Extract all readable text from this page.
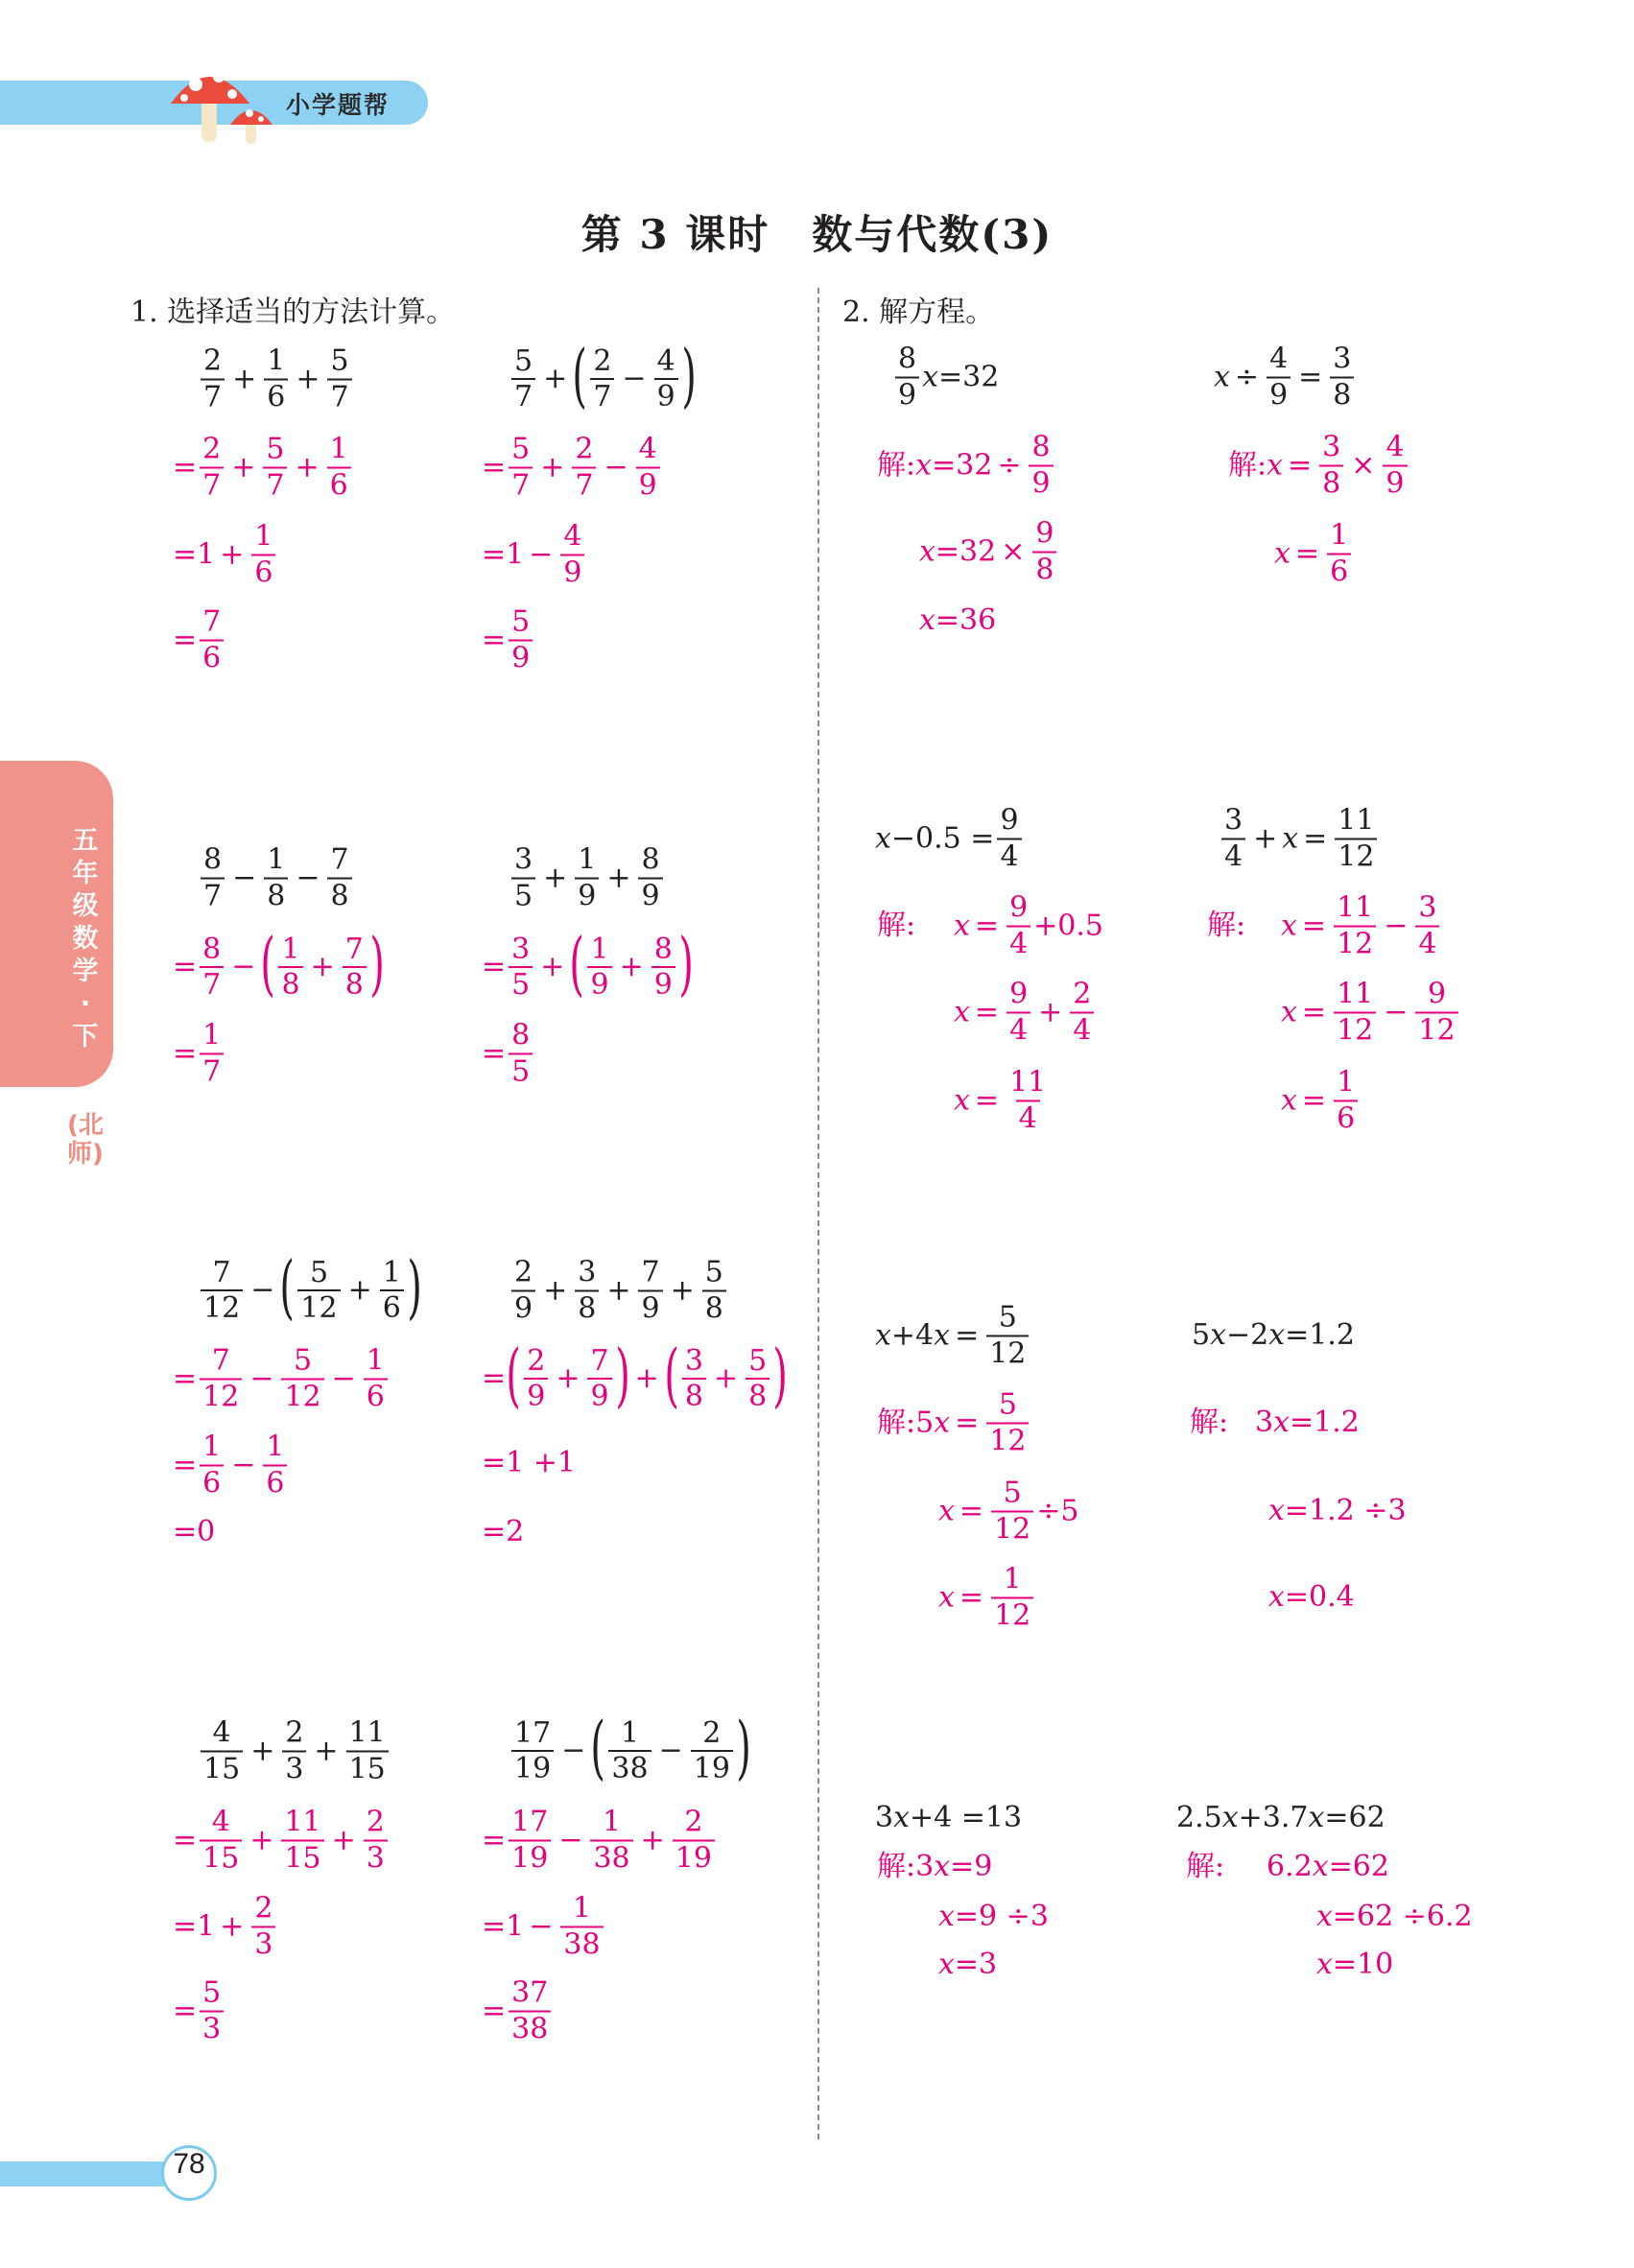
小学题帮
第 3 课时　数与代数(3)
五年级数学·下
(北师)
1. 选择适当的方法计算。	2. 解方程。
$\frac{2}{7} + \frac{1}{6} + \frac{5}{7}$
= $\frac{2}{7} + \frac{5}{7} + \frac{1}{6}$
$=1 + \frac{1}{6}$
= $\frac{7}{6}$
$\frac{5}{7}$ + ( $\frac{2}{7} - \frac{4}{9}$ )
= $\frac{5}{7} + \frac{2}{7} - \frac{4}{9}$
$=1 - \frac{4}{9}$
= $\frac{5}{9}$
$\frac{8}{7} - \frac{1}{8} - \frac{7}{8}$
= $\frac{8}{7}$ − ( $\frac{1}{8} + \frac{7}{8}$ )
= $\frac{1}{7}$
$\frac{3}{5} + \frac{1}{9} + \frac{8}{9}$
= $\frac{3}{5}$ + ( $\frac{1}{9} + \frac{8}{9}$ )
= $\frac{8}{5}$
$\frac{7}{12}$ − ( $\frac{5}{12} + \frac{1}{6}$ )
= $\frac{7}{12} - \frac{5}{12} - \frac{1}{6}$
= $\frac{1}{6} - \frac{1}{6}$
=0
$\frac{2}{9} + \frac{3}{8} + \frac{7}{9} + \frac{5}{8}$
= ( $\frac{2}{9} + \frac{7}{9}$ ) + ( $\frac{3}{8} + \frac{5}{8}$ )
=1 +1
=2
$\frac{4}{15} + \frac{2}{3} + \frac{11}{15}$
= $\frac{4}{15} + \frac{11}{15} + \frac{2}{3}$
$=1 + \frac{2}{3}$
= $\frac{5}{3}$
$\frac{17}{19}$ − ( $\frac{1}{38} - \frac{2}{19}$ )
= $\frac{17}{19} - \frac{1}{38} + \frac{2}{19}$
$=1 - \frac{1}{38}$
= $\frac{37}{38}$
$\frac{8}{9}$ x =32
解: $x =32 \div \frac{8}{9}$
$x =32 \times \frac{9}{8}$
x =36
$x \div \frac{4}{9} = \frac{3}{8}$
解: $x = \frac{3}{8} \times \frac{4}{9}$
$x = \frac{1}{6}$
$x -0.5 = \frac{9}{4}$
解: $x = \frac{9}{4} +0.5$
$x = \frac{9}{4} + \frac{2}{4}$
$x = \frac{11}{4}$
$\frac{3}{4} + x = \frac{11}{12}$
解: $x = \frac{11}{12} - \frac{3}{4}$
$x = \frac{11}{12} - \frac{9}{12}$
$x = \frac{1}{6}$
x +4 $x = \frac{5}{12}$
解:5 $x = \frac{5}{12}$
$x = \frac{5}{12} \div 5$
$x = \frac{1}{12}$
5 x −2 x =1.2
解: 3 x =1.2
x =1.2 ÷3
x =0.4
3 x +4 =13
解:3 x =9
x =9 ÷3
x =3
2.5 x +3.7 x =62
解: 6.2 x =62
x =62 ÷6.2
x =10
78
